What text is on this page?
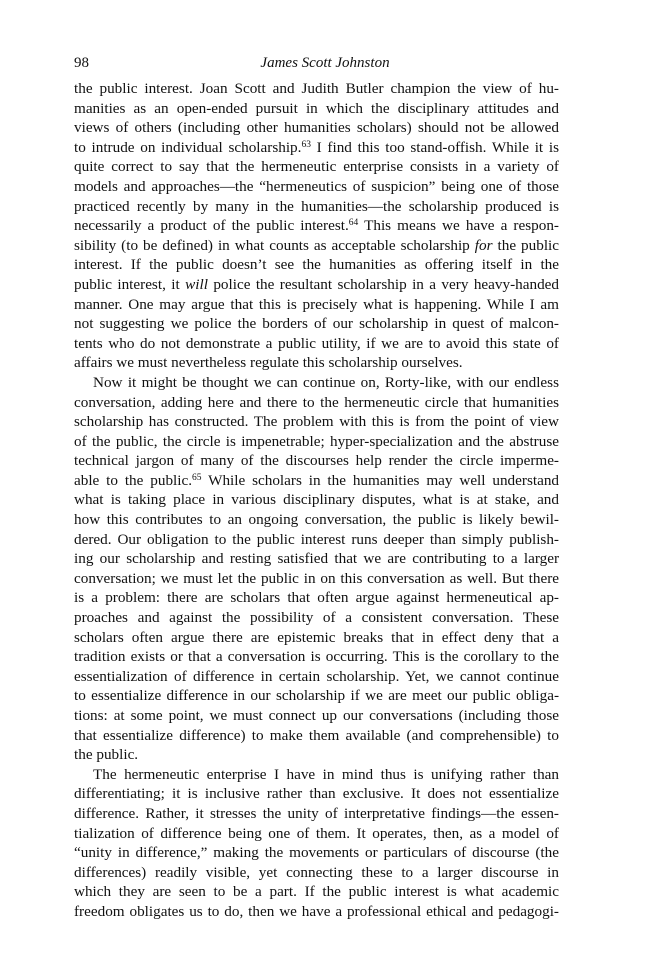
98	James Scott Johnston
the public interest. Joan Scott and Judith Butler champion the view of hu-
manities as an open-ended pursuit in which the disciplinary attitudes and
views of others (including other humanities scholars) should not be allowed
to intrude on individual scholarship.$^{63}$ I find this too stand-offish. While it is
quite correct to say that the hermeneutic enterprise consists in a variety of
models and approaches—the “hermeneutics of suspicion” being one of those
practiced recently by many in the humanities—the scholarship produced is
necessarily a product of the public interest.$^{64}$ This means we have a respon-
sibility (to be defined) in what counts as acceptable scholarship for the public
interest. If the public doesn’t see the humanities as offering itself in the
public interest, it will police the resultant scholarship in a very heavy-handed
manner. One may argue that this is precisely what is happening. While I am
not suggesting we police the borders of our scholarship in quest of malcon-
tents who do not demonstrate a public utility, if we are to avoid this state of
affairs we must nevertheless regulate this scholarship ourselves.
Now it might be thought we can continue on, Rorty-like, with our endless
conversation, adding here and there to the hermeneutic circle that humanities
scholarship has constructed. The problem with this is from the point of view
of the public, the circle is impenetrable; hyper-specialization and the abstruse
technical jargon of many of the discourses help render the circle imperme-
able to the public.$^{65}$ While scholars in the humanities may well understand
what is taking place in various disciplinary disputes, what is at stake, and
how this contributes to an ongoing conversation, the public is likely bewil-
dered. Our obligation to the public interest runs deeper than simply publish-
ing our scholarship and resting satisfied that we are contributing to a larger
conversation; we must let the public in on this conversation as well. But there
is a problem: there are scholars that often argue against hermeneutical ap-
proaches and against the possibility of a consistent conversation. These
scholars often argue there are epistemic breaks that in effect deny that a
tradition exists or that a conversation is occurring. This is the corollary to the
essentialization of difference in certain scholarship. Yet, we cannot continue
to essentialize difference in our scholarship if we are meet our public obliga-
tions: at some point, we must connect up our conversations (including those
that essentialize difference) to make them available (and comprehensible) to
the public.
The hermeneutic enterprise I have in mind thus is unifying rather than
differentiating; it is inclusive rather than exclusive. It does not essentialize
difference. Rather, it stresses the unity of interpretative findings—the essen-
tialization of difference being one of them. It operates, then, as a model of
“unity in difference,” making the movements or particulars of discourse (the
differences) readily visible, yet connecting these to a larger discourse in
which they are seen to be a part. If the public interest is what academic
freedom obligates us to do, then we have a professional ethical and pedagogi-
